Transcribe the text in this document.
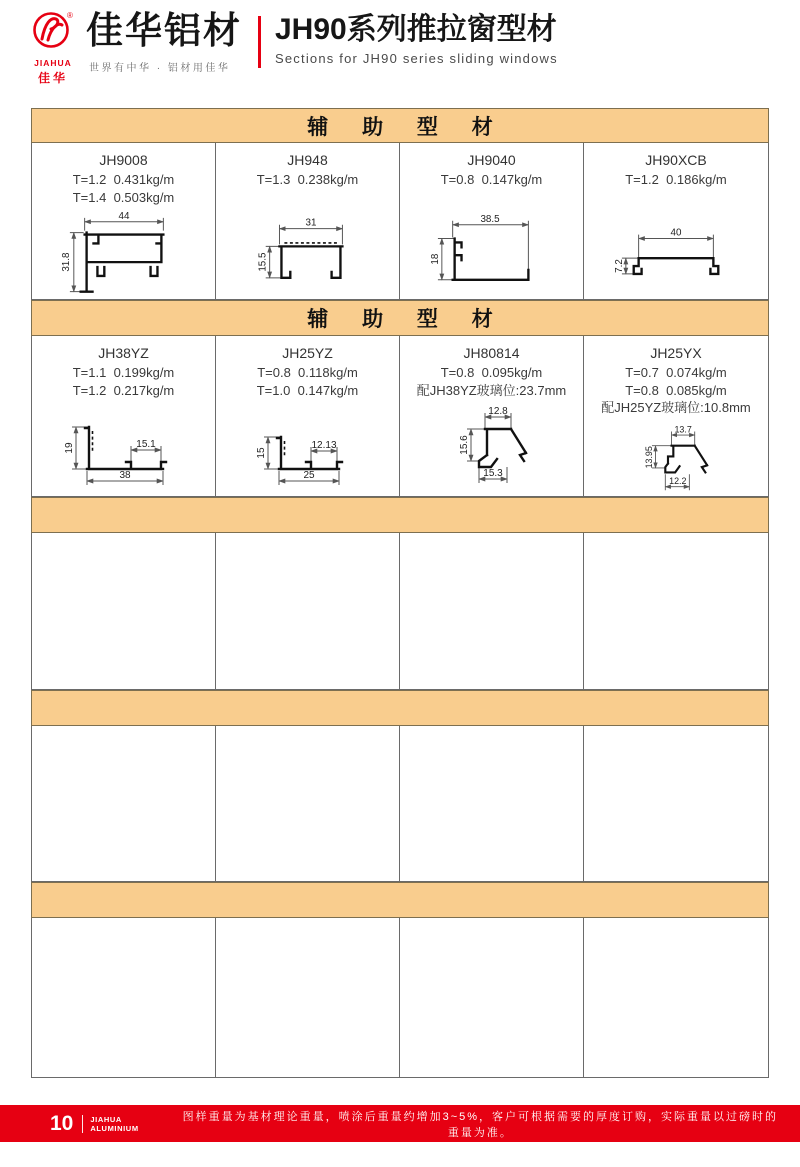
®
JIAHUA
佳华
佳华铝材
世界有中华 · 铝材用佳华
JH90系列推拉窗型材
Sections for JH90 series sliding windows
辅 助 型 材
JH9008
T=1.2  0.431kg/m
T=1.4  0.503kg/m
44
31.8
JH948
T=1.3  0.238kg/m
31
15.5
JH9040
T=0.8  0.147kg/m
38.5
18
JH90XCB
T=1.2  0.186kg/m
40
7.2
辅 助 型 材
JH38YZ
T=1.1  0.199kg/m
T=1.2  0.217kg/m
19	15.1
38
JH25YZ
T=0.8  0.118kg/m
T=1.0  0.147kg/m
15
12.13
25
JH80814
T=0.8  0.095kg/m
配JH38YZ玻璃位:23.7mm
12.8
15.6
15.3
JH25YX
T=0.7  0.074kg/m
T=0.8  0.085kg/m
配JH25YZ玻璃位:10.8mm
13.7
13.95
12.2
10 JIAHUA
ALUMINIUM
图样重量为基材理论重量，喷涂后重量约增加3~5%，客户可根据需要的厚度订购，实际重量以过磅时的重量为准。
